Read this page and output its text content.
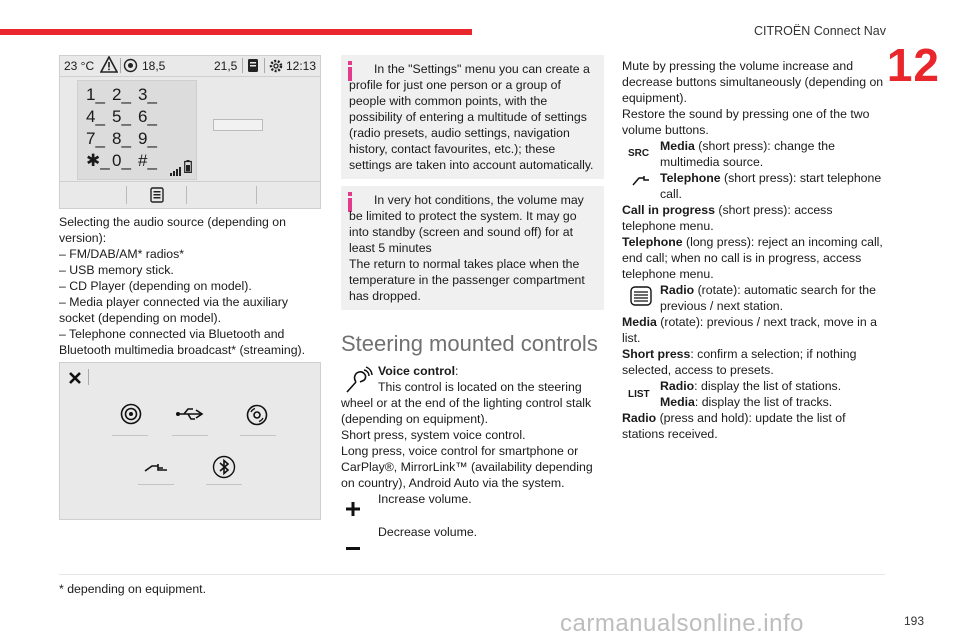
CITROËN Connect Nav
12
23 °C	18,5	21,5	12:13
1_ 2_ 3_
4_ 5_ 6_
7_ 8_ 9_
✱_ 0_ #_
Selecting the audio source (depending on version):
– FM/DAB/AM* radios*
– USB memory stick.
– CD Player (depending on model).
– Media player connected via the auxiliary socket (depending on model).
– Telephone connected via Bluetooth and Bluetooth multimedia broadcast* (streaming).
In the "Settings" menu you can create a profile for just one person or a group of people with common points, with the possibility of entering a multitude of settings (radio presets, audio settings, navigation history, contact favourites, etc.); these settings are taken into account automatically.
In very hot conditions, the volume may be limited to protect the system. It may go into standby (screen and sound off) for at least 5 minutes
The return to normal takes place when the temperature in the passenger compartment has dropped.
Steering mounted controls
Voice control:
This control is located on the steering wheel or at the end of the lighting control stalk (depending on equipment).
Short press, system voice control.
Long press, voice control for smartphone or CarPlay®, MirrorLink™ (availability depending on country), Android Auto via the system.
Increase volume.
Decrease volume.
Mute by pressing the volume increase and decrease buttons simultaneously (depending on equipment).
Restore the sound by pressing one of the two volume buttons.
SRC
Media (short press): change the multimedia source.
Telephone (short press): start telephone call.
Call in progress (short press): access telephone menu.
Telephone (long press): reject an incoming call, end call; when no call is in progress, access telephone menu.
Radio (rotate): automatic search for the previous / next station.
Media (rotate): previous / next track, move in a list.
Short press: confirm a selection; if nothing selected, access to presets.
LIST
Radio: display the list of stations.
Media: display the list of tracks.
Radio (press and hold): update the list of stations received.
* depending on equipment.
carmanualsonline.info	193
